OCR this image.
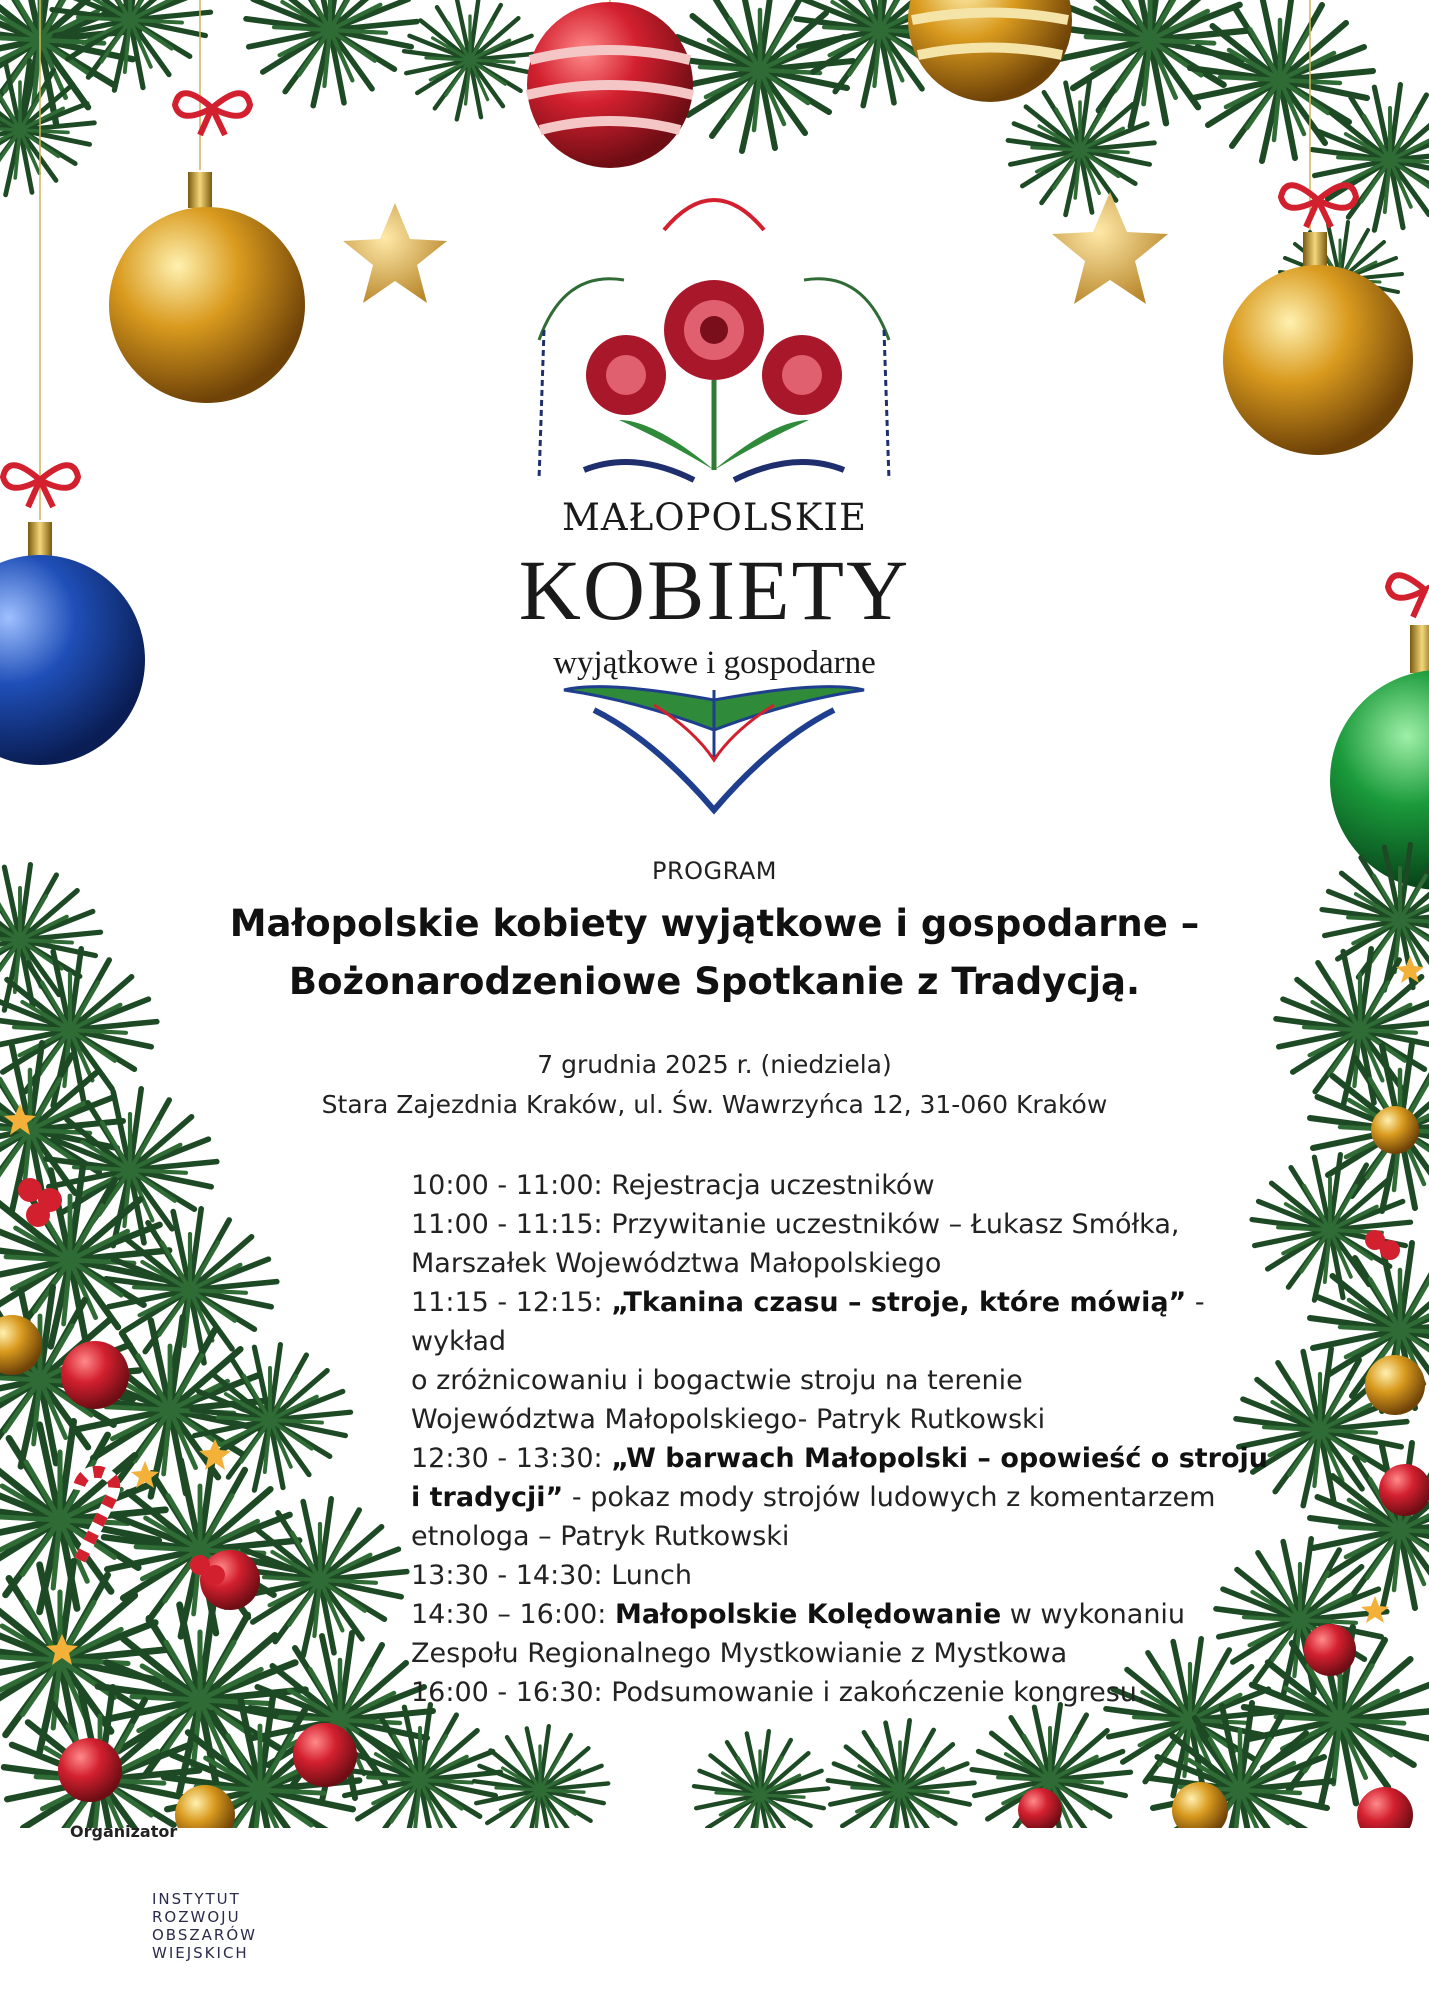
MAŁOPOLSKIE
KOBIETY
wyjątkowe i gospodarne
PROGRAM
Małopolskie kobiety wyjątkowe i gospodarne –
Bożonarodzeniowe Spotkanie z Tradycją.
7 grudnia 2025 r. (niedziela)
Stara Zajezdnia Kraków, ul. Św. Wawrzyńca 12, 31-060 Kraków
10:00 - 11:00: Rejestracja uczestników
11:00 - 11:15: Przywitanie uczestników – Łukasz Smółka,
Marszałek Województwa Małopolskiego
11:15 - 12:15: „Tkanina czasu – stroje, które mówią” - wykład
o zróżnicowaniu i bogactwie stroju na terenie
Województwa Małopolskiego- Patryk Rutkowski
12:30 - 13:30: „W barwach Małopolski – opowieść o stroju
i tradycji” - pokaz mody strojów ludowych z komentarzem
etnologa – Patryk Rutkowski
13:30 - 14:30: Lunch
14:30 – 16:00: Małopolskie Kolędowanie w wykonaniu
Zespołu Regionalnego Mystkowianie z Mystkowa
16:00 - 16:30: Podsumowanie i zakończenie kongresu.
Organizator
INSTYTUT
ROZWOJU
OBSZARÓW
WIEJSKICH
